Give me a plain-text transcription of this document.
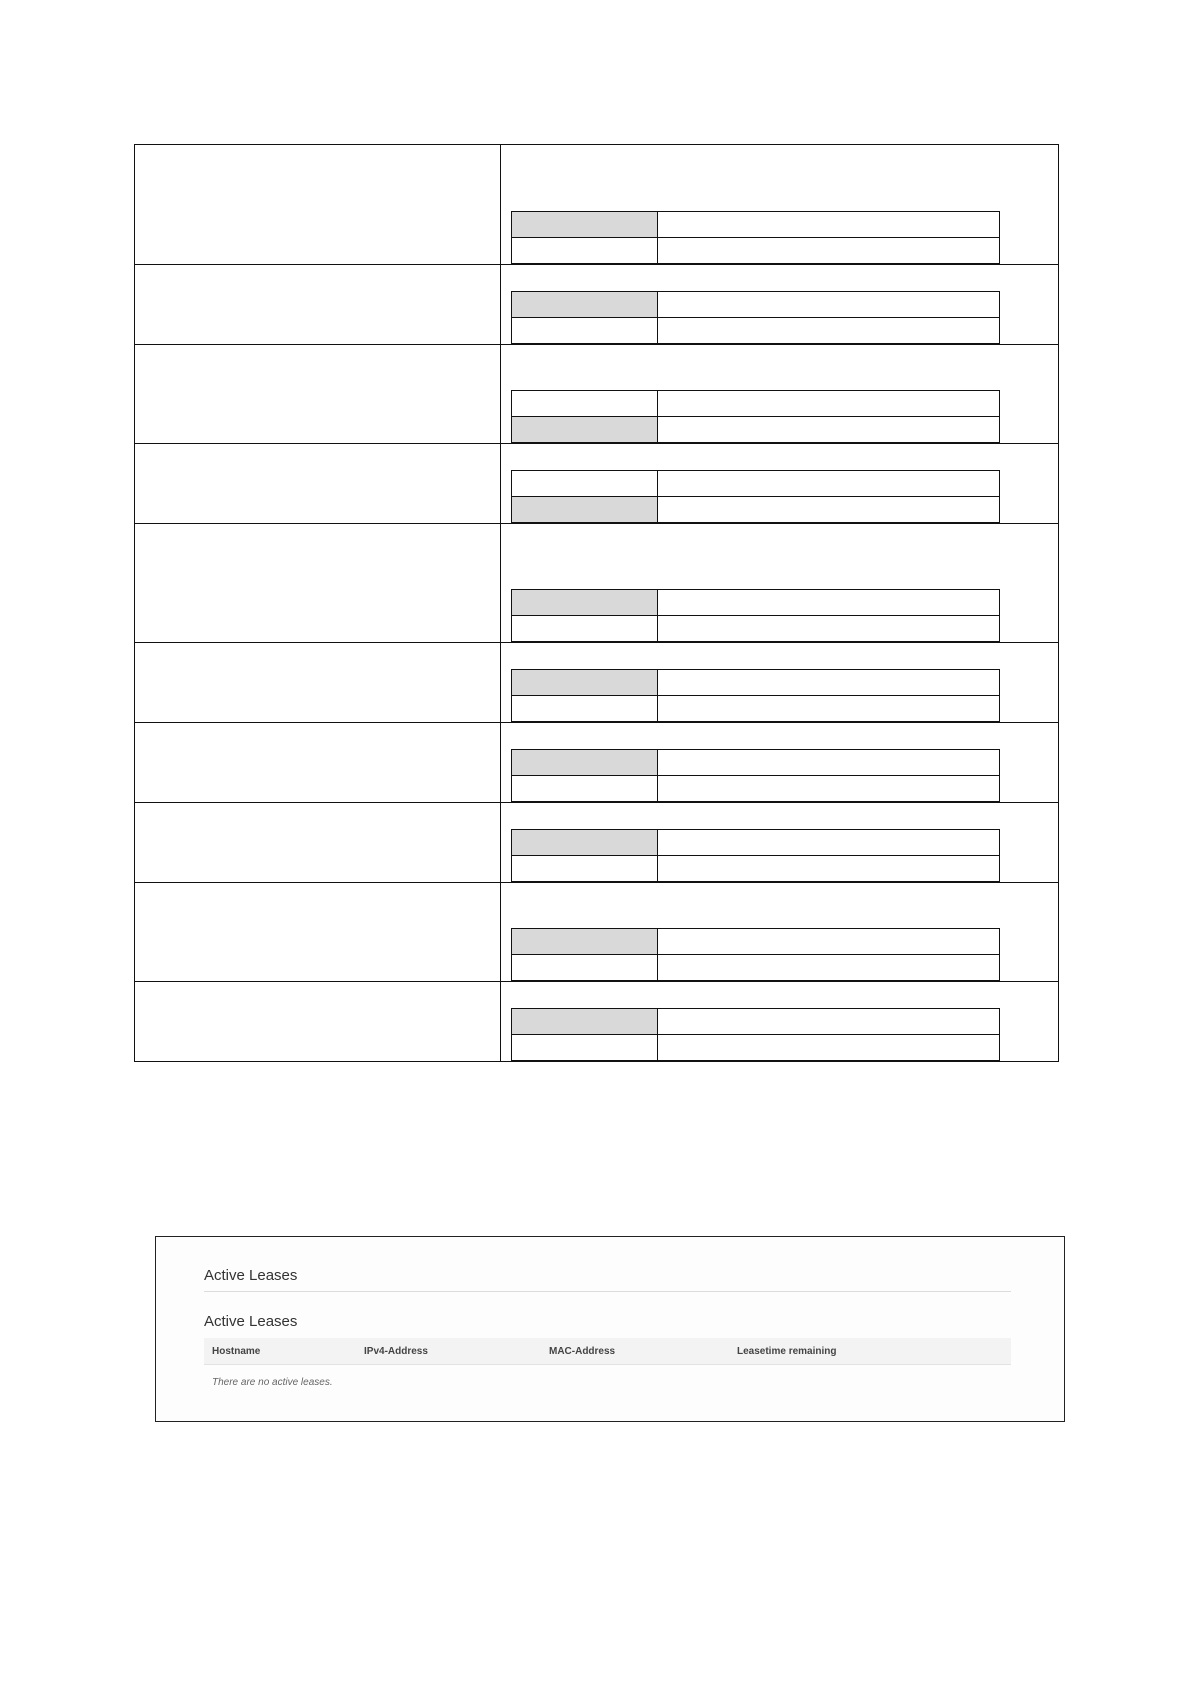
Active Leases
Active Leases
Hostname	IPv4-Address	MAC-Address	Leasetime remaining
There are no active leases.
